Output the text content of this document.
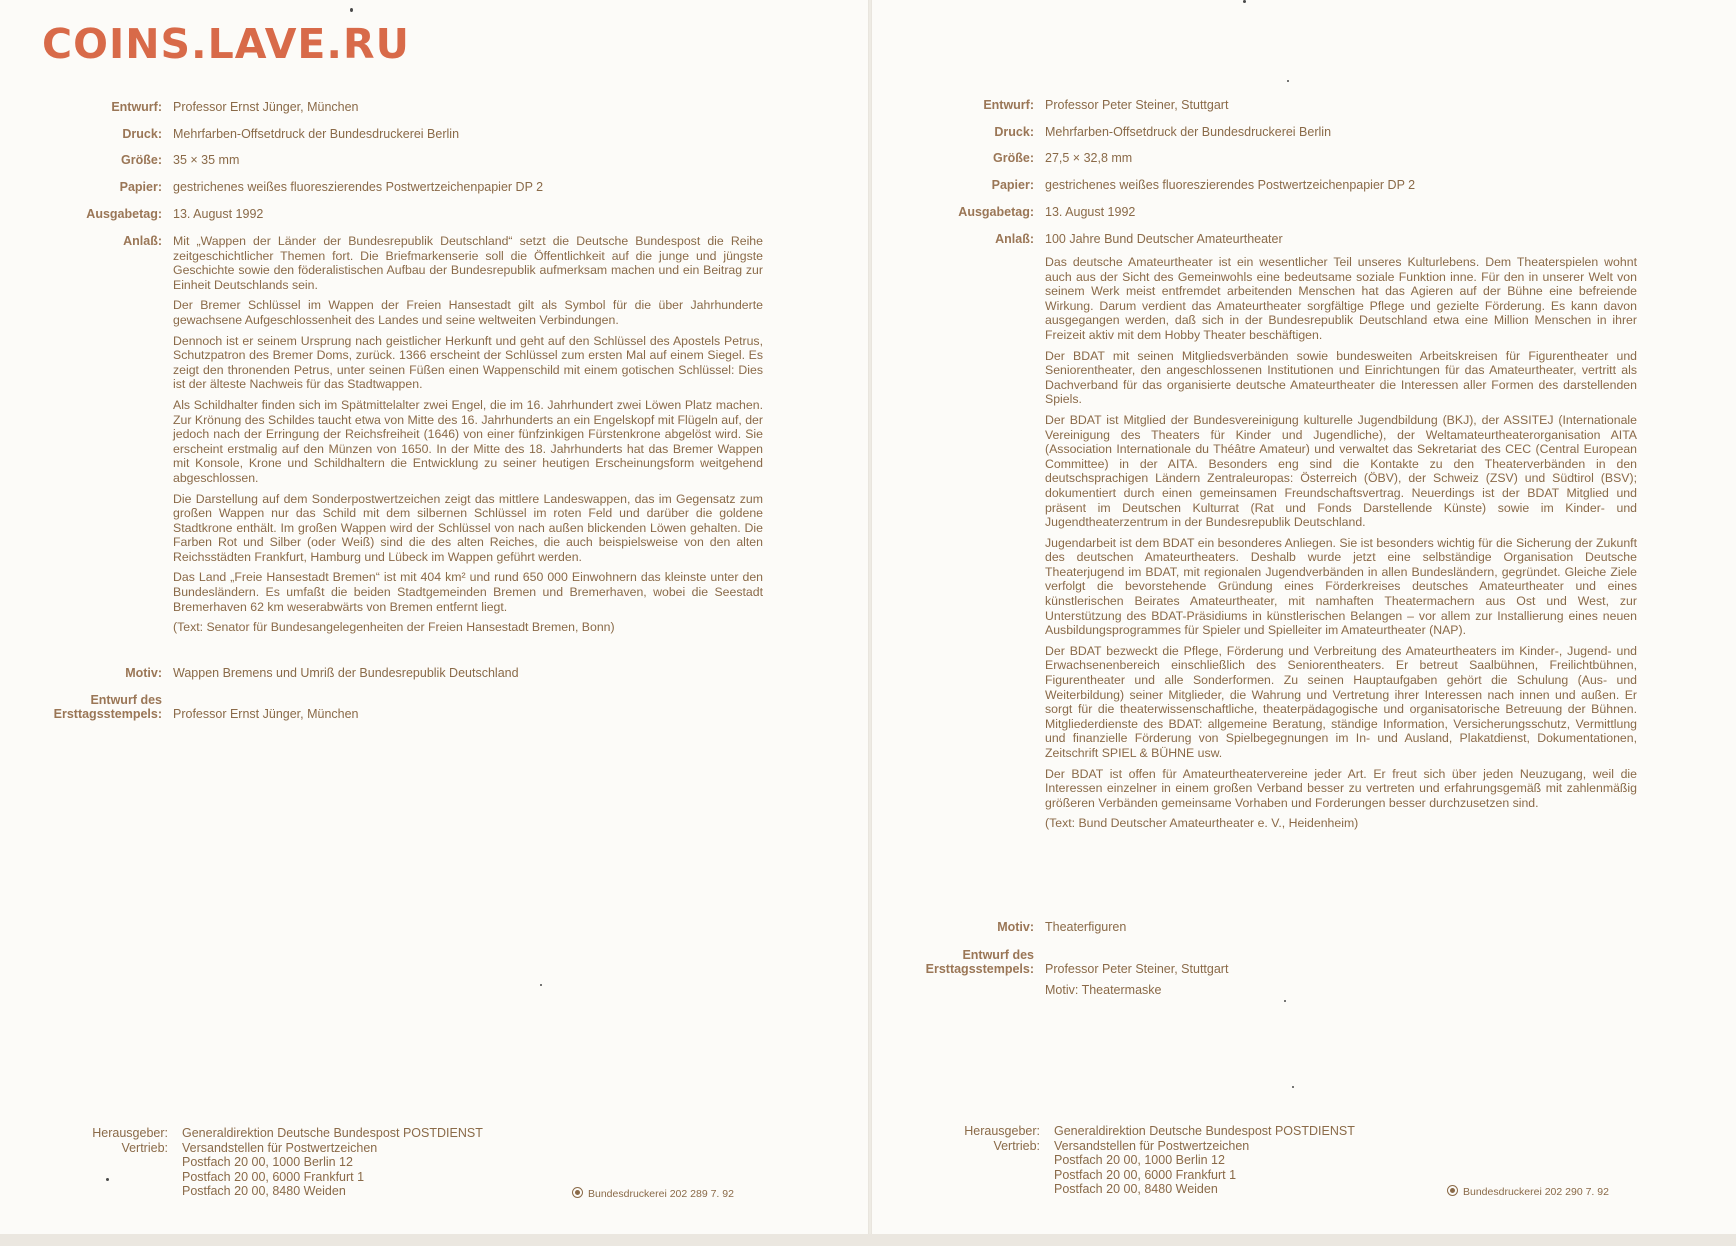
COINS.LAVE.RU
Entwurf: Professor Ernst Jünger, München
Druck: Mehrfarben-Offsetdruck der Bundesdruckerei Berlin
Größe: 35 × 35 mm
Papier: gestrichenes weißes fluoreszierendes Postwertzeichenpapier DP 2
Ausgabetag: 13. August 1992
Anlaß: Mit „Wappen der Länder der Bundesrepublik Deutschland“ setzt die Deutsche Bundespost die Reihe zeitgeschichtlicher Themen fort. Die Briefmarkenserie soll die Öffentlichkeit auf die junge und jüngste Geschichte sowie den föderalistischen Aufbau der Bundesrepublik aufmerksam machen und ein Beitrag zur Einheit Deutschlands sein.

Der Bremer Schlüssel im Wappen der Freien Hansestadt gilt als Symbol für die über Jahrhunderte gewachsene Aufgeschlossenheit des Landes und seine weltweiten Verbindungen.

Dennoch ist er seinem Ursprung nach geistlicher Herkunft und geht auf den Schlüssel des Apostels Petrus, Schutzpatron des Bremer Doms, zurück. 1366 erscheint der Schlüssel zum ersten Mal auf einem Siegel. Es zeigt den thronenden Petrus, unter seinen Füßen einen Wappenschild mit einem gotischen Schlüssel: Dies ist der älteste Nachweis für das Stadtwappen.

Als Schildhalter finden sich im Spätmittelalter zwei Engel, die im 16. Jahrhundert zwei Löwen Platz machen. Zur Krönung des Schildes taucht etwa von Mitte des 16. Jahrhunderts an ein Engelskopf mit Flügeln auf, der jedoch nach der Erringung der Reichsfreiheit (1646) von einer fünfzinkigen Fürstenkrone abgelöst wird. Sie erscheint erstmalig auf den Münzen von 1650. In der Mitte des 18. Jahrhunderts hat das Bremer Wappen mit Konsole, Krone und Schildhaltern die Entwicklung zu seiner heutigen Erscheinungsform weitgehend abgeschlossen.

Die Darstellung auf dem Sonderpostwertzeichen zeigt das mittlere Landeswappen, das im Gegensatz zum großen Wappen nur das Schild mit dem silbernen Schlüssel im roten Feld und darüber die goldene Stadtkrone enthält. Im großen Wappen wird der Schlüssel von nach außen blickenden Löwen gehalten. Die Farben Rot und Silber (oder Weiß) sind die des alten Reiches, die auch beispielsweise von den alten Reichsstädten Frankfurt, Hamburg und Lübeck im Wappen geführt werden.

Das Land „Freie Hansestadt Bremen“ ist mit 404 km² und rund 650 000 Einwohnern das kleinste unter den Bundesländern. Es umfaßt die beiden Stadtgemeinden Bremen und Bremerhaven, wobei die Seestadt Bremerhaven 62 km weserabwärts von Bremen entfernt liegt.

(Text: Senator für Bundesangelegenheiten der Freien Hansestadt Bremen, Bonn)

Motiv: Wappen Bremens und Umriß der Bundesrepublik Deutschland
Entwurf des
Ersttagsstempels: Professor Ernst Jünger, München
Herausgeber:
Vertrieb:
Generaldirektion Deutsche Bundespost POSTDIENST
Versandstellen für Postwertzeichen
Postfach 20 00, 1000 Berlin 12
Postfach 20 00, 6000 Frankfurt 1
Postfach 20 00, 8480 Weiden	Bundesdruckerei 202 289 7. 92
Entwurf: Professor Peter Steiner, Stuttgart
Druck: Mehrfarben-Offsetdruck der Bundesdruckerei Berlin
Größe: 27,5 × 32,8 mm
Papier: gestrichenes weißes fluoreszierendes Postwertzeichenpapier DP 2
Ausgabetag: 13. August 1992
Anlaß: 100 Jahre Bund Deutscher Amateurtheater

Das deutsche Amateurtheater ist ein wesentlicher Teil unseres Kulturlebens. Dem Theaterspielen wohnt auch aus der Sicht des Gemeinwohls eine bedeutsame soziale Funktion inne. Für den in unserer Welt von seinem Werk meist entfremdet arbeitenden Menschen hat das Agieren auf der Bühne eine befreiende Wirkung. Darum verdient das Amateurtheater sorgfältige Pflege und gezielte Förderung. Es kann davon ausgegangen werden, daß sich in der Bundesrepublik Deutschland etwa eine Million Menschen in ihrer Freizeit aktiv mit dem Hobby Theater beschäftigen.

Der BDAT mit seinen Mitgliedsverbänden sowie bundesweiten Arbeitskreisen für Figurentheater und Seniorentheater, den angeschlossenen Institutionen und Einrichtungen für das Amateurtheater, vertritt als Dachverband für das organisierte deutsche Amateurtheater die Interessen aller Formen des darstellenden Spiels.

Der BDAT ist Mitglied der Bundesvereinigung kulturelle Jugendbildung (BKJ), der ASSITEJ (Internationale Vereinigung des Theaters für Kinder und Jugendliche), der Weltamateurtheaterorganisation AITA (Association Internationale du Théâtre Amateur) und verwaltet das Sekretariat des CEC (Central European Committee) in der AITA. Besonders eng sind die Kontakte zu den Theaterverbänden in den deutschsprachigen Ländern Zentraleuropas: Österreich (ÖBV), der Schweiz (ZSV) und Südtirol (BSV); dokumentiert durch einen gemeinsamen Freundschaftsvertrag. Neuerdings ist der BDAT Mitglied und präsent im Deutschen Kulturrat (Rat und Fonds Darstellende Künste) sowie im Kinder- und Jugendtheaterzentrum in der Bundesrepublik Deutschland.

Jugendarbeit ist dem BDAT ein besonderes Anliegen. Sie ist besonders wichtig für die Sicherung der Zukunft des deutschen Amateurtheaters. Deshalb wurde jetzt eine selbständige Organisation Deutsche Theaterjugend im BDAT, mit regionalen Jugendverbänden in allen Bundesländern, gegründet. Gleiche Ziele verfolgt die bevorstehende Gründung eines Förderkreises deutsches Amateurtheater und eines künstlerischen Beirates Amateurtheater, mit namhaften Theatermachern aus Ost und West, zur Unterstützung des BDAT-Präsidiums in künstlerischen Belangen – vor allem zur Installierung eines neuen Ausbildungsprogrammes für Spieler und Spielleiter im Amateurtheater (NAP).

Der BDAT bezweckt die Pflege, Förderung und Verbreitung des Amateurtheaters im Kinder-, Jugend- und Erwachsenenbereich einschließlich des Seniorentheaters. Er betreut Saalbühnen, Freilichtbühnen, Figurentheater und alle Sonderformen. Zu seinen Hauptaufgaben gehört die Schulung (Aus- und Weiterbildung) seiner Mitglieder, die Wahrung und Vertretung ihrer Interessen nach innen und außen. Er sorgt für die theaterwissenschaftliche, theaterpädagogische und organisatorische Betreuung der Bühnen. Mitgliederdienste des BDAT: allgemeine Beratung, ständige Information, Versicherungsschutz, Vermittlung und finanzielle Förderung von Spielbegegnungen im In- und Ausland, Plakatdienst, Dokumentationen, Zeitschrift SPIEL & BÜHNE usw.

Der BDAT ist offen für Amateurtheatervereine jeder Art. Er freut sich über jeden Neuzugang, weil die Interessen einzelner in einem großen Verband besser zu vertreten und erfahrungsgemäß mit zahlenmäßig größeren Verbänden gemeinsame Vorhaben und Forderungen besser durchzusetzen sind.

(Text: Bund Deutscher Amateurtheater e. V., Heidenheim)

Motiv: Theaterfiguren
Entwurf des
Ersttagsstempels: Professor Peter Steiner, Stuttgart
Motiv: Theatermaske
Herausgeber:
Vertrieb:
Generaldirektion Deutsche Bundespost POSTDIENST
Versandstellen für Postwertzeichen
Postfach 20 00, 1000 Berlin 12
Postfach 20 00, 6000 Frankfurt 1
Postfach 20 00, 8480 Weiden	Bundesdruckerei 202 290 7. 92
